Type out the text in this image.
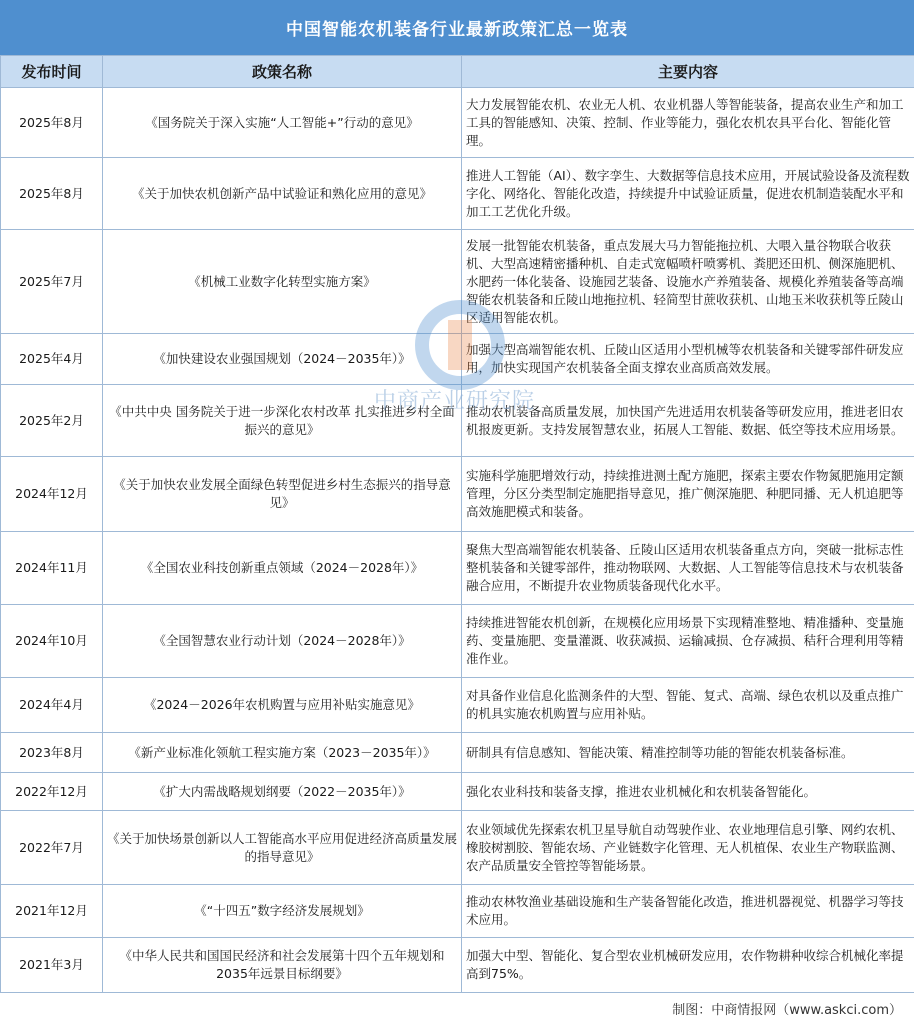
中国智能农机装备行业最新政策汇总一览表
发布时间	政策名称	主要内容
2025年8月	《国务院关于深入实施“人工智能+”行动的意见》	大力发展智能农机、农业无人机、农业机器人等智能装备，提高农业生产和加工工具的智能感知、决策、控制、作业等能力，强化农机农具平台化、智能化管理。
2025年8月	《关于加快农机创新产品中试验证和熟化应用的意见》	推进人工智能（AI）、数字孪生、大数据等信息技术应用，开展试验设备及流程数字化、网络化、智能化改造，持续提升中试验证质量，促进农机制造装配水平和加工工艺优化升级。
2025年7月	《机械工业数字化转型实施方案》	发展一批智能农机装备，重点发展大马力智能拖拉机、大喂入量谷物联合收获机、大型高速精密播种机、自走式宽幅喷杆喷雾机、粪肥还田机、侧深施肥机、水肥药一体化装备、设施园艺装备、设施水产养殖装备、规模化养殖装备等高端智能农机装备和丘陵山地拖拉机、轻简型甘蔗收获机、山地玉米收获机等丘陵山区适用智能农机。
2025年4月	《加快建设农业强国规划（2024－2035年）》	加强大型高端智能农机、丘陵山区适用小型机械等农机装备和关键零部件研发应用，加快实现国产农机装备全面支撑农业高质高效发展。
2025年2月	《中共中央 国务院关于进一步深化农村改革 扎实推进乡村全面振兴的意见》	推动农机装备高质量发展，加快国产先进适用农机装备等研发应用，推进老旧农机报废更新。支持发展智慧农业，拓展人工智能、数据、低空等技术应用场景。
2024年12月	《关于加快农业发展全面绿色转型促进乡村生态振兴的指导意见》	实施科学施肥增效行动，持续推进测土配方施肥，探索主要农作物氮肥施用定额管理，分区分类型制定施肥指导意见，推广侧深施肥、种肥同播、无人机追肥等高效施肥模式和装备。
2024年11月	《全国农业科技创新重点领域（2024－2028年）》	聚焦大型高端智能农机装备、丘陵山区适用农机装备重点方向，突破一批标志性整机装备和关键零部件，推动物联网、大数据、人工智能等信息技术与农机装备融合应用，不断提升农业物质装备现代化水平。
2024年10月	《全国智慧农业行动计划（2024－2028年）》	持续推进智能农机创新，在规模化应用场景下实现精准整地、精准播种、变量施药、变量施肥、变量灌溉、收获减损、运输减损、仓存减损、秸秆合理利用等精准作业。
2024年4月	《2024－2026年农机购置与应用补贴实施意见》	对具备作业信息化监测条件的大型、智能、复式、高端、绿色农机以及重点推广的机具实施农机购置与应用补贴。
2023年8月	《新产业标准化领航工程实施方案（2023－2035年）》	研制具有信息感知、智能决策、精准控制等功能的智能农机装备标准。
2022年12月	《扩大内需战略规划纲要（2022－2035年）》	强化农业科技和装备支撑，推进农业机械化和农机装备智能化。
2022年7月	《关于加快场景创新以人工智能高水平应用促进经济高质量发展的指导意见》	农业领域优先探索农机卫星导航自动驾驶作业、农业地理信息引擎、网约农机、橡胶树割胶、智能农场、产业链数字化管理、无人机植保、农业生产物联监测、农产品质量安全管控等智能场景。
2021年12月	《“十四五”数字经济发展规划》	推动农林牧渔业基础设施和生产装备智能化改造，推进机器视觉、机器学习等技术应用。
2021年3月	《中华人民共和国国民经济和社会发展第十四个五年规划和2035年远景目标纲要》	加强大中型、智能化、复合型农业机械研发应用，农作物耕种收综合机械化率提高到75%。
中商产业研究院
制图：中商情报网（www.askci.com）
